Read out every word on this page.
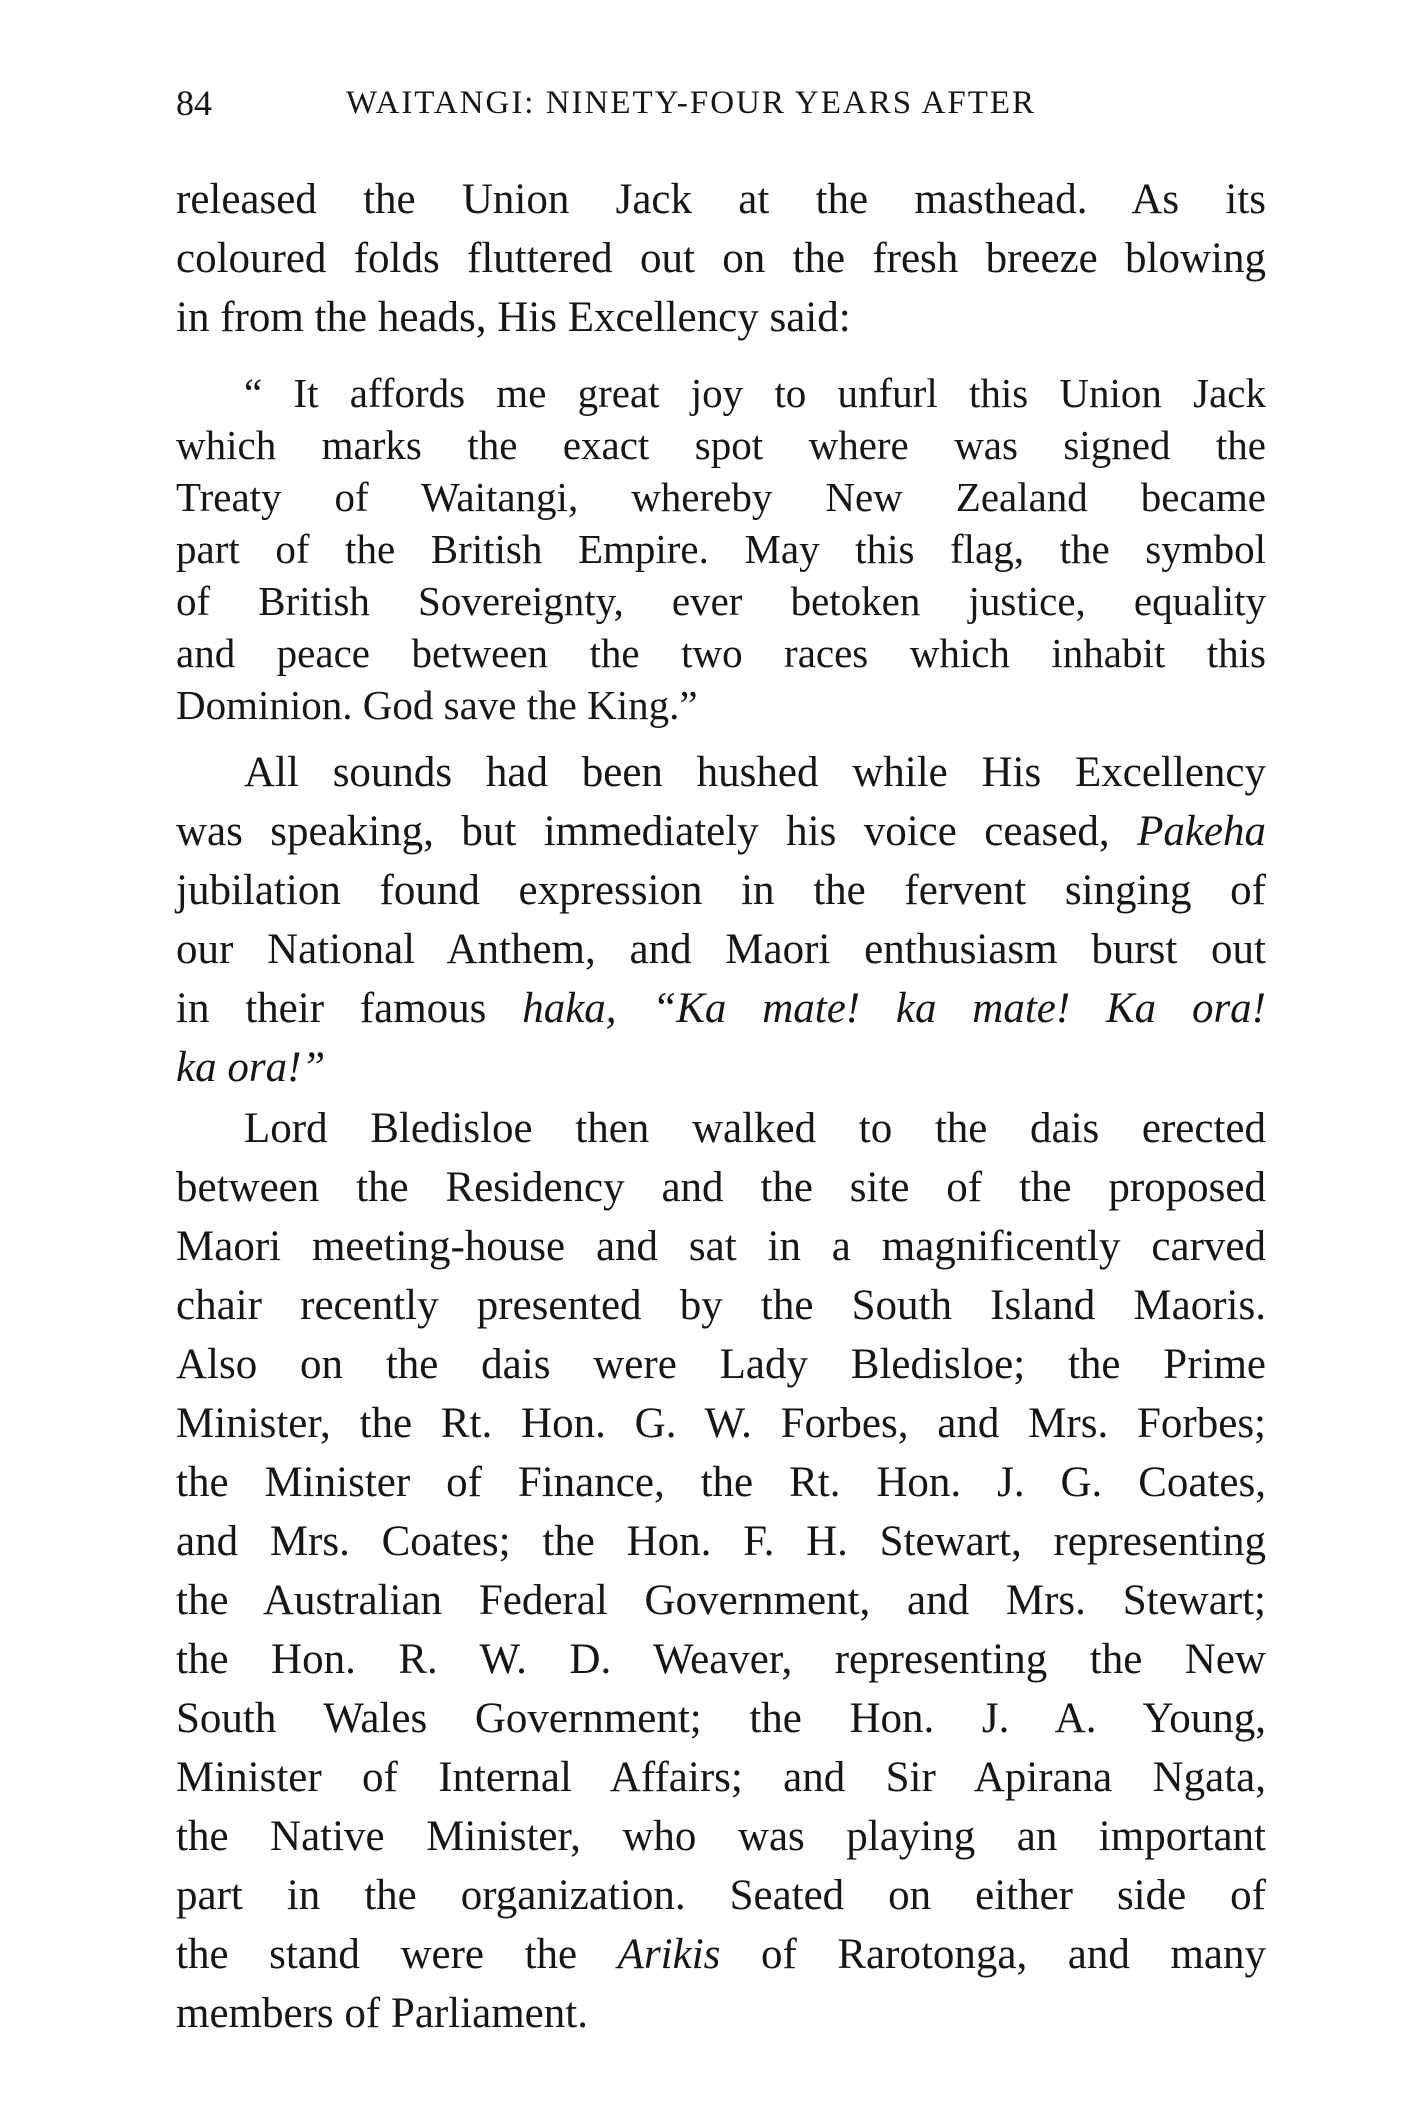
84	WAITANGI: NINETY-FOUR YEARS AFTER
released the Union Jack at the masthead. As its
coloured folds fluttered out on the fresh breeze blowing
in from the heads, His Excellency said:
“ It affords me great joy to unfurl this Union Jack
which marks the exact spot where was signed the
Treaty of Waitangi, whereby New Zealand became
part of the British Empire. May this flag, the symbol
of British Sovereignty, ever betoken justice, equality
and peace between the two races which inhabit this
Dominion. God save the King.”
All sounds had been hushed while His Excellency
was speaking, but immediately his voice ceased, Pakeha
jubilation found expression in the fervent singing of
our National Anthem, and Maori enthusiasm burst out
in their famous haka, “Ka mate! ka mate! Ka ora!
ka ora!”
Lord Bledisloe then walked to the dais erected
between the Residency and the site of the proposed
Maori meeting-house and sat in a magnificently carved
chair recently presented by the South Island Maoris.
Also on the dais were Lady Bledisloe; the Prime
Minister, the Rt. Hon. G. W. Forbes, and Mrs. Forbes;
the Minister of Finance, the Rt. Hon. J. G. Coates,
and Mrs. Coates; the Hon. F. H. Stewart, representing
the Australian Federal Government, and Mrs. Stewart;
the Hon. R. W. D. Weaver, representing the New
South Wales Government; the Hon. J. A. Young,
Minister of Internal Affairs; and Sir Apirana Ngata,
the Native Minister, who was playing an important
part in the organization. Seated on either side of
the stand were the Arikis of Rarotonga, and many
members of Parliament.
